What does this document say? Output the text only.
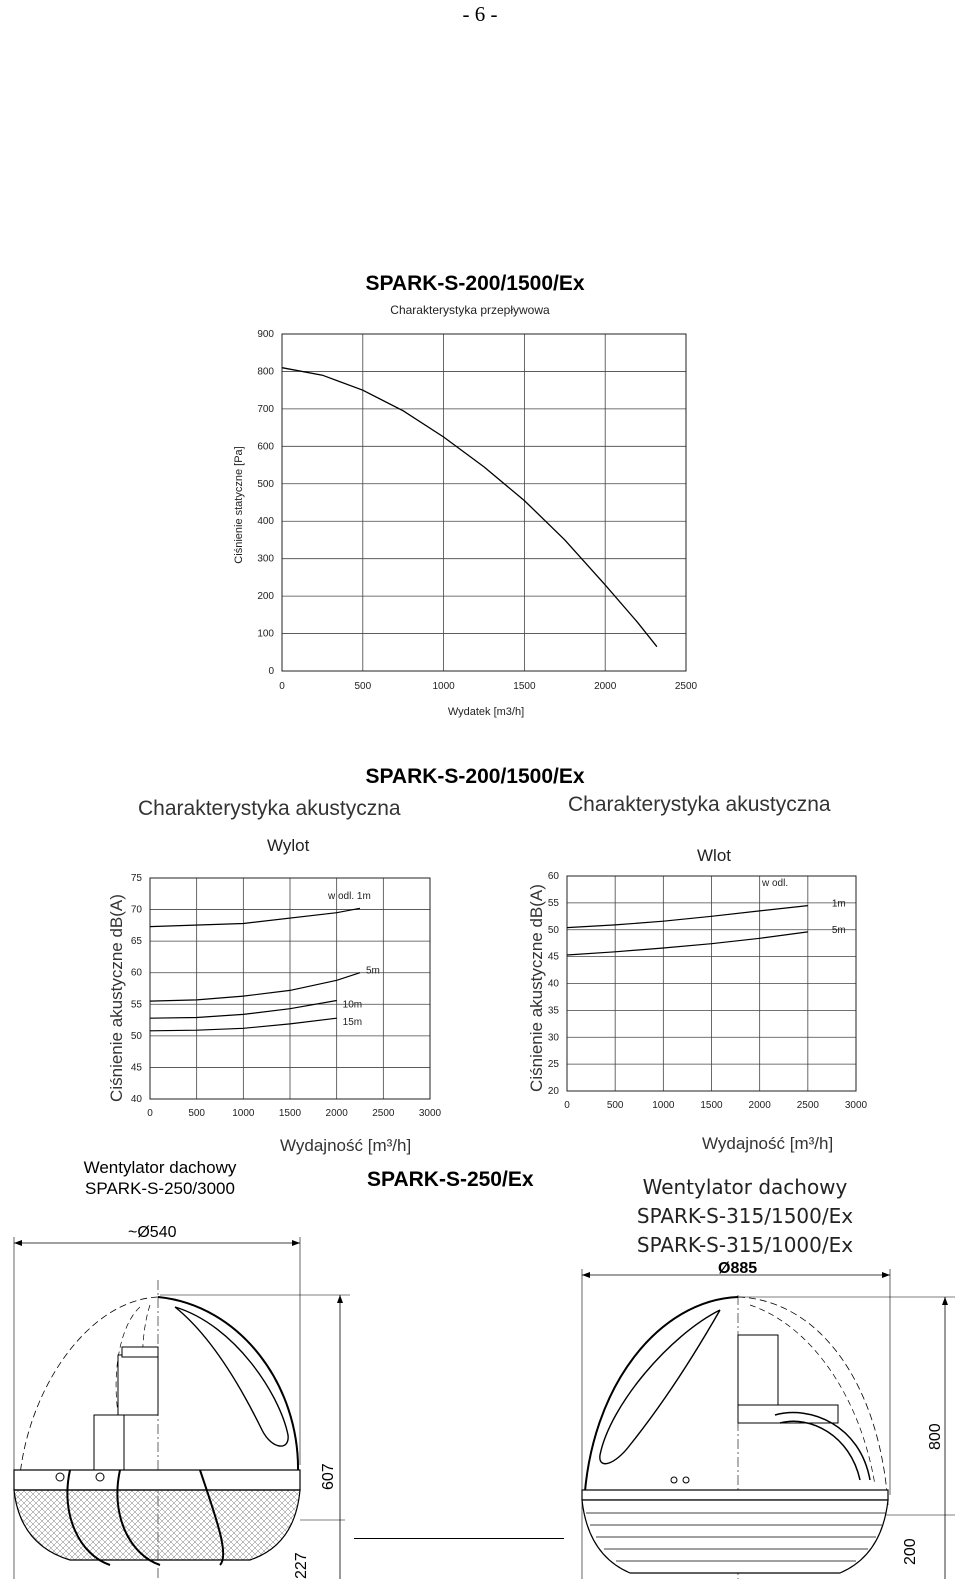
- 6 -
SPARK-S-200/1500/Ex
Charakterystyka przepływowa
0	500	1000	1500	2000	2500
0
100
200
300
400
500
600
700
800
900
Wydatek [m3/h]
Ciśnienie statyczne [Pa]
SPARK-S-200/1500/Ex
Charakterystyka akustyczna	Charakterystyka akustyczna
Wylot
Wlot
0	500	1000 1500 2000 2500 3000
40
45
50
55
60
65
70
75
5m
10m
15m
w odl. 1m
Wydajność [m³/h]
Ciśnienie akustyczne dB(A)
0	500	1000	1500	2000	2500	3000
20
25
30
35
40
45
50
55
60
1m
5m
w odl.
Wydajność [m³/h]
Ciśnienie akustyczne dB(A)
Wentylator dachowy
SPARK-S-250/3000	SPARK-S-250/Ex	Wentylator dachowy
SPARK-S-315/1500/Ex
SPARK-S-315/1000/Ex
~Ø540
607
227
Ø885
800
200
